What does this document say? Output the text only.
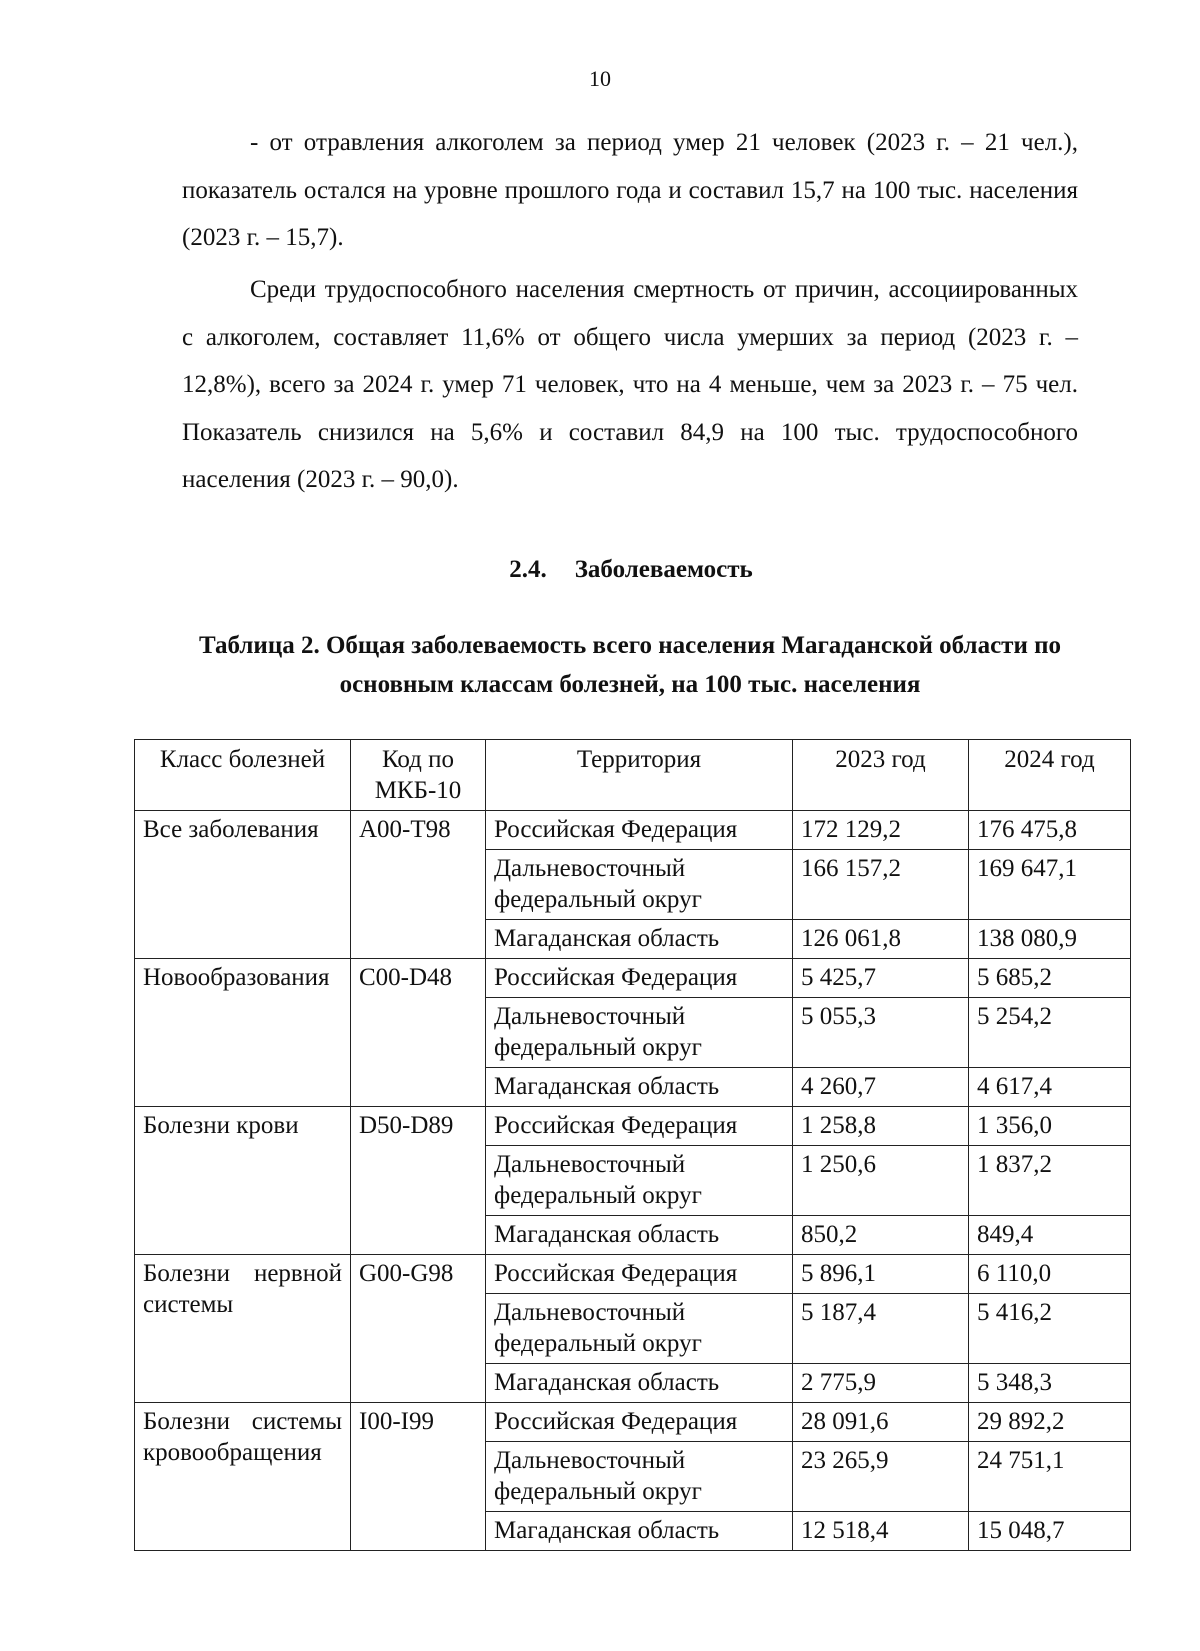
10

- от отравления алкоголем за период умер 21 человек (2023 г. – 21 чел.), показатель остался на уровне прошлого года и составил 15,7 на 100 тыс. населения (2023 г. – 15,7).

Среди трудоспособного населения смертность от причин, ассоциированных с алкоголем, составляет 11,6% от общего числа умерших за период (2023 г. – 12,8%), всего за 2024 г. умер 71 человек, что на 4 меньше, чем за 2023 г. – 75 чел. Показатель снизился на 5,6% и составил 84,9 на 100 тыс. трудоспособного населения (2023 г. – 90,0).

2.4. Заболеваемость
Таблица 2. Общая заболеваемость всего населения Магаданской области по основным классам болезней, на 100 тыс. населения
Класс болезней	Код по МКБ-10	Территория	2023 год	2024 год
Все заболевания	A00-T98	Российская Федерация	172 129,2	176 475,8
		Дальневосточный федеральный округ	166 157,2	169 647,1
		Магаданская область	126 061,8	138 080,9
Новообразования	C00-D48	Российская Федерация	5 425,7	5 685,2
		Дальневосточный федеральный округ	5 055,3	5 254,2
		Магаданская область	4 260,7	4 617,4
Болезни крови	D50-D89	Российская Федерация	1 258,8	1 356,0
		Дальневосточный федеральный округ	1 250,6	1 837,2
		Магаданская область	850,2	849,4
Болезни нервной системы	G00-G98	Российская Федерация	5 896,1	6 110,0
		Дальневосточный федеральный округ	5 187,4	5 416,2
		Магаданская область	2 775,9	5 348,3
Болезни системы кровообращения	I00-I99	Российская Федерация	28 091,6	29 892,2
		Дальневосточный федеральный округ	23 265,9	24 751,1
		Магаданская область	12 518,4	15 048,7
